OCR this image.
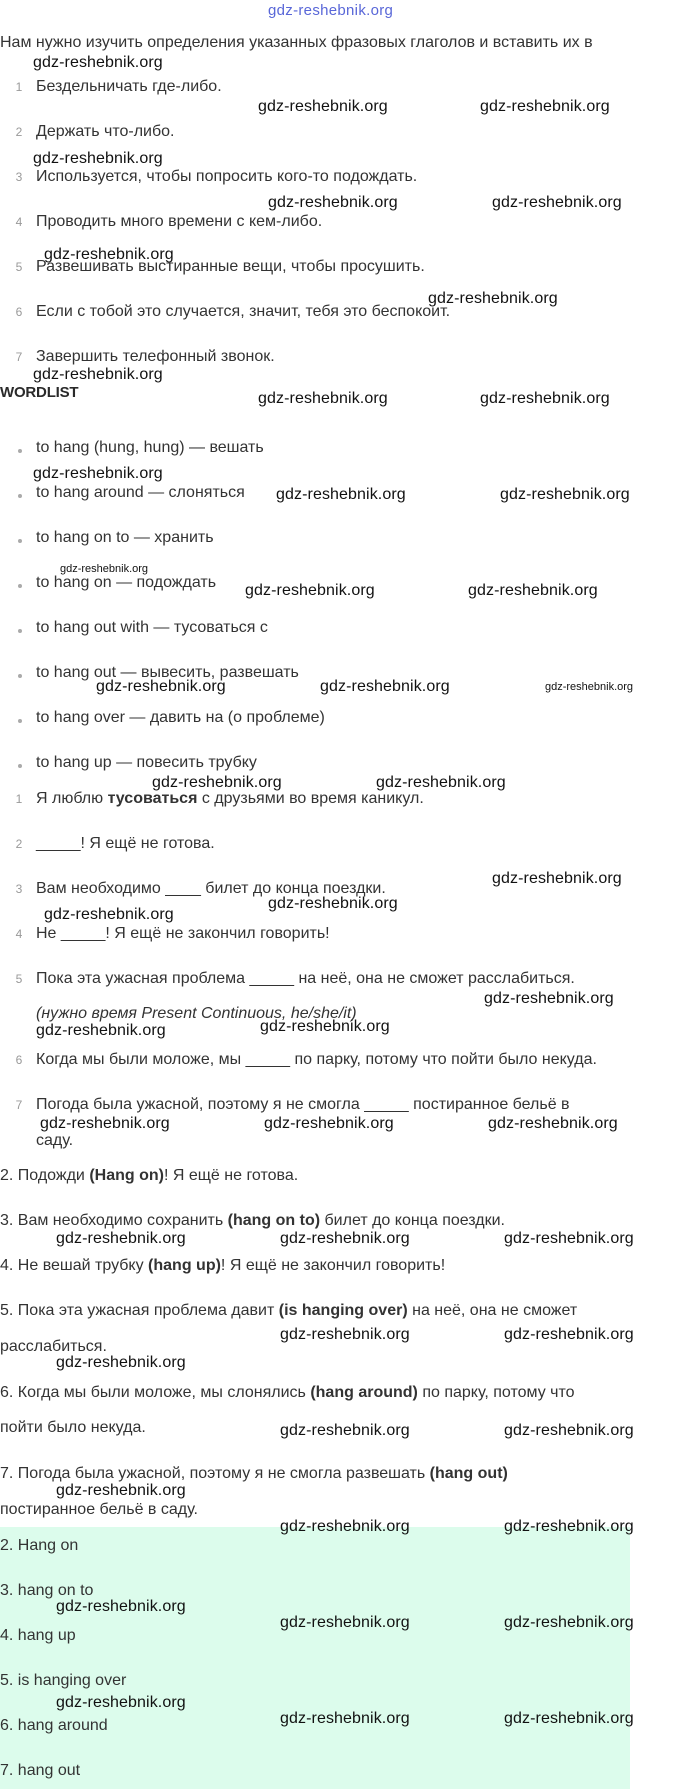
gdz-reshebnik.org
Нам нужно изучить определения указанных фразовых глаголов и вставить их в
1 Бездельничать где-либо.
2 Держать что-либо.
3 Используется, чтобы попросить кого-то подождать.
4 Проводить много времени с кем-либо.
5 Развешивать выстиранные вещи, чтобы просушить.
6 Если с тобой это случается, значит, тебя это беспокоит.
7 Завершить телефонный звонок.
WORDLIST
to hang (hung, hung) — вешать
to hang around — слоняться
to hang on to — хранить
to hang on — подождать
to hang out with — тусоваться с
to hang out — вывесить, развешать
to hang over — давить на (о проблеме)
to hang up — повесить трубку
1 Я люблю тусоваться с друзьями во время каникул.
2 _____! Я ещё не готова.
3 Вам необходимо ____ билет до конца поездки.
4 Не _____! Я ещё не закончил говорить!
5 Пока эта ужасная проблема _____ на неё, она не сможет расслабиться.
(нужно время Present Continuous, he/she/it)
6 Когда мы были моложе, мы _____ по парку, потому что пойти было некуда.
7 Погода была ужасной, поэтому я не смогла _____ постиранное бельё в
саду.
2. Подожди (Hang on)! Я ещё не готова.
3. Вам необходимо сохранить (hang on to) билет до конца поездки.
4. Не вешай трубку (hang up)! Я ещё не закончил говорить!
5. Пока эта ужасная проблема давит (is hanging over) на неё, она не сможет
расслабиться.
6. Когда мы были моложе, мы слонялись (hang around) по парку, потому что
пойти было некуда.
7. Погода была ужасной, поэтому я не смогла развешать (hang out)
постиранное бельё в саду.
2. Hang on
3. hang on to
4. hang up
5. is hanging over
6. hang around
7. hang out
gdz-reshebnik.org
gdz-reshebnik.org	gdz-reshebnik.org
gdz-reshebnik.org
gdz-reshebnik.org	gdz-reshebnik.org
gdz-reshebnik.org
gdz-reshebnik.org
gdz-reshebnik.org
gdz-reshebnik.org	gdz-reshebnik.org
gdz-reshebnik.org
gdz-reshebnik.org	gdz-reshebnik.org
gdz-reshebnik.org
gdz-reshebnik.org	gdz-reshebnik.org
gdz-reshebnik.org	gdz-reshebnik.org	gdz-reshebnik.org
gdz-reshebnik.org	gdz-reshebnik.org
gdz-reshebnik.org
gdz-reshebnik.org
gdz-reshebnik.org
gdz-reshebnik.org
gdz-reshebnik.org	gdz-reshebnik.org
gdz-reshebnik.org	gdz-reshebnik.org	gdz-reshebnik.org
gdz-reshebnik.org	gdz-reshebnik.org	gdz-reshebnik.org
gdz-reshebnik.org	gdz-reshebnik.org
gdz-reshebnik.org
gdz-reshebnik.org	gdz-reshebnik.org
gdz-reshebnik.org
gdz-reshebnik.org	gdz-reshebnik.org
gdz-reshebnik.org
gdz-reshebnik.org	gdz-reshebnik.org
gdz-reshebnik.org
gdz-reshebnik.org	gdz-reshebnik.org
